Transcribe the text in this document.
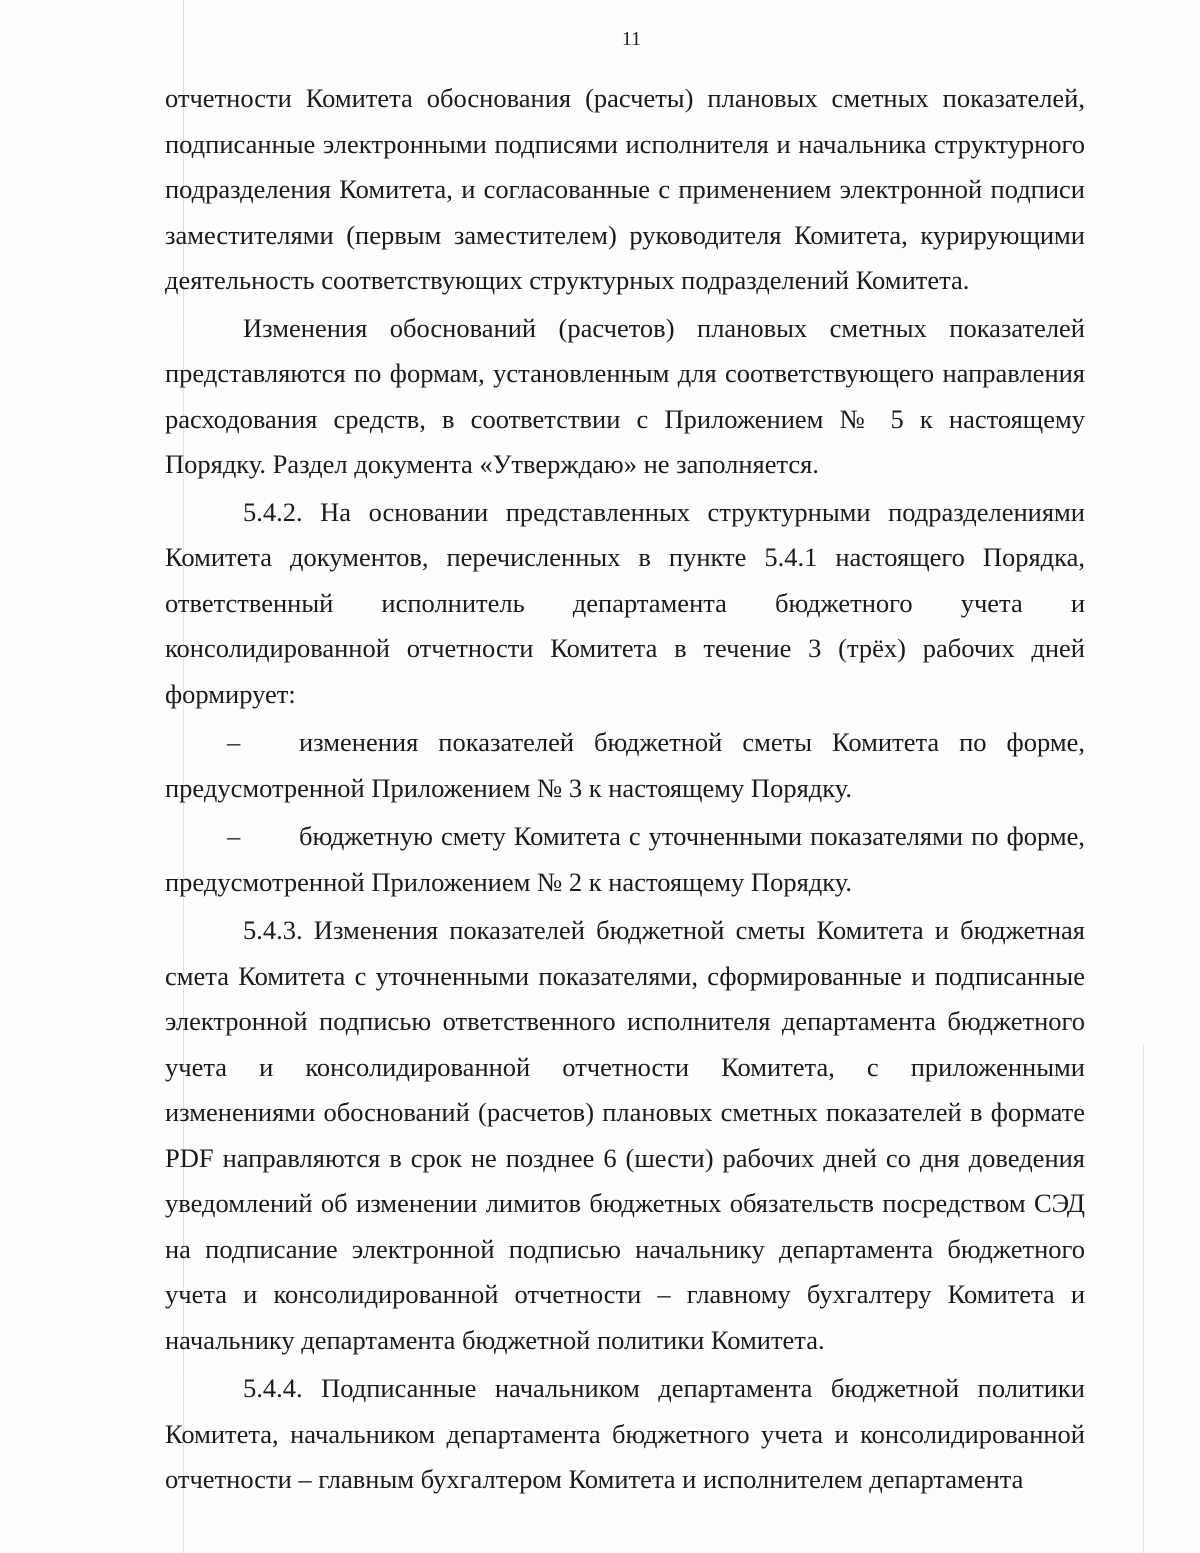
11

отчетности Комитета обоснования (расчеты) плановых сметных показателей, подписанные электронными подписями исполнителя и начальника структурного подразделения Комитета, и согласованные с применением электронной подписи заместителями (первым заместителем) руководителя Комитета, курирующими деятельность соответствующих структурных подразделений Комитета.

Изменения обоснований (расчетов) плановых сметных показателей представляются по формам, установленным для соответствующего направления расходования средств, в соответствии с Приложением № 5 к настоящему Порядку. Раздел документа «Утверждаю» не заполняется.

5.4.2. На основании представленных структурными подразделениями Комитета документов, перечисленных в пункте 5.4.1 настоящего Порядка, ответственный исполнитель департамента бюджетного учета и консолидированной отчетности Комитета в течение 3 (трёх) рабочих дней формирует:

– изменения показателей бюджетной сметы Комитета по форме, предусмотренной Приложением № 3 к настоящему Порядку.

– бюджетную смету Комитета с уточненными показателями по форме, предусмотренной Приложением № 2 к настоящему Порядку.

5.4.3. Изменения показателей бюджетной сметы Комитета и бюджетная смета Комитета с уточненными показателями, сформированные и подписанные электронной подписью ответственного исполнителя департамента бюджетного учета и консолидированной отчетности Комитета, с приложенными изменениями обоснований (расчетов) плановых сметных показателей в формате PDF направляются в срок не позднее 6 (шести) рабочих дней со дня доведения уведомлений об изменении лимитов бюджетных обязательств посредством СЭД на подписание электронной подписью начальнику департамента бюджетного учета и консолидированной отчетности – главному бухгалтеру Комитета и начальнику департамента бюджетной политики Комитета.

5.4.4. Подписанные начальником департамента бюджетной политики Комитета, начальником департамента бюджетного учета и консолидированной отчетности – главным бухгалтером Комитета и исполнителем департамента
